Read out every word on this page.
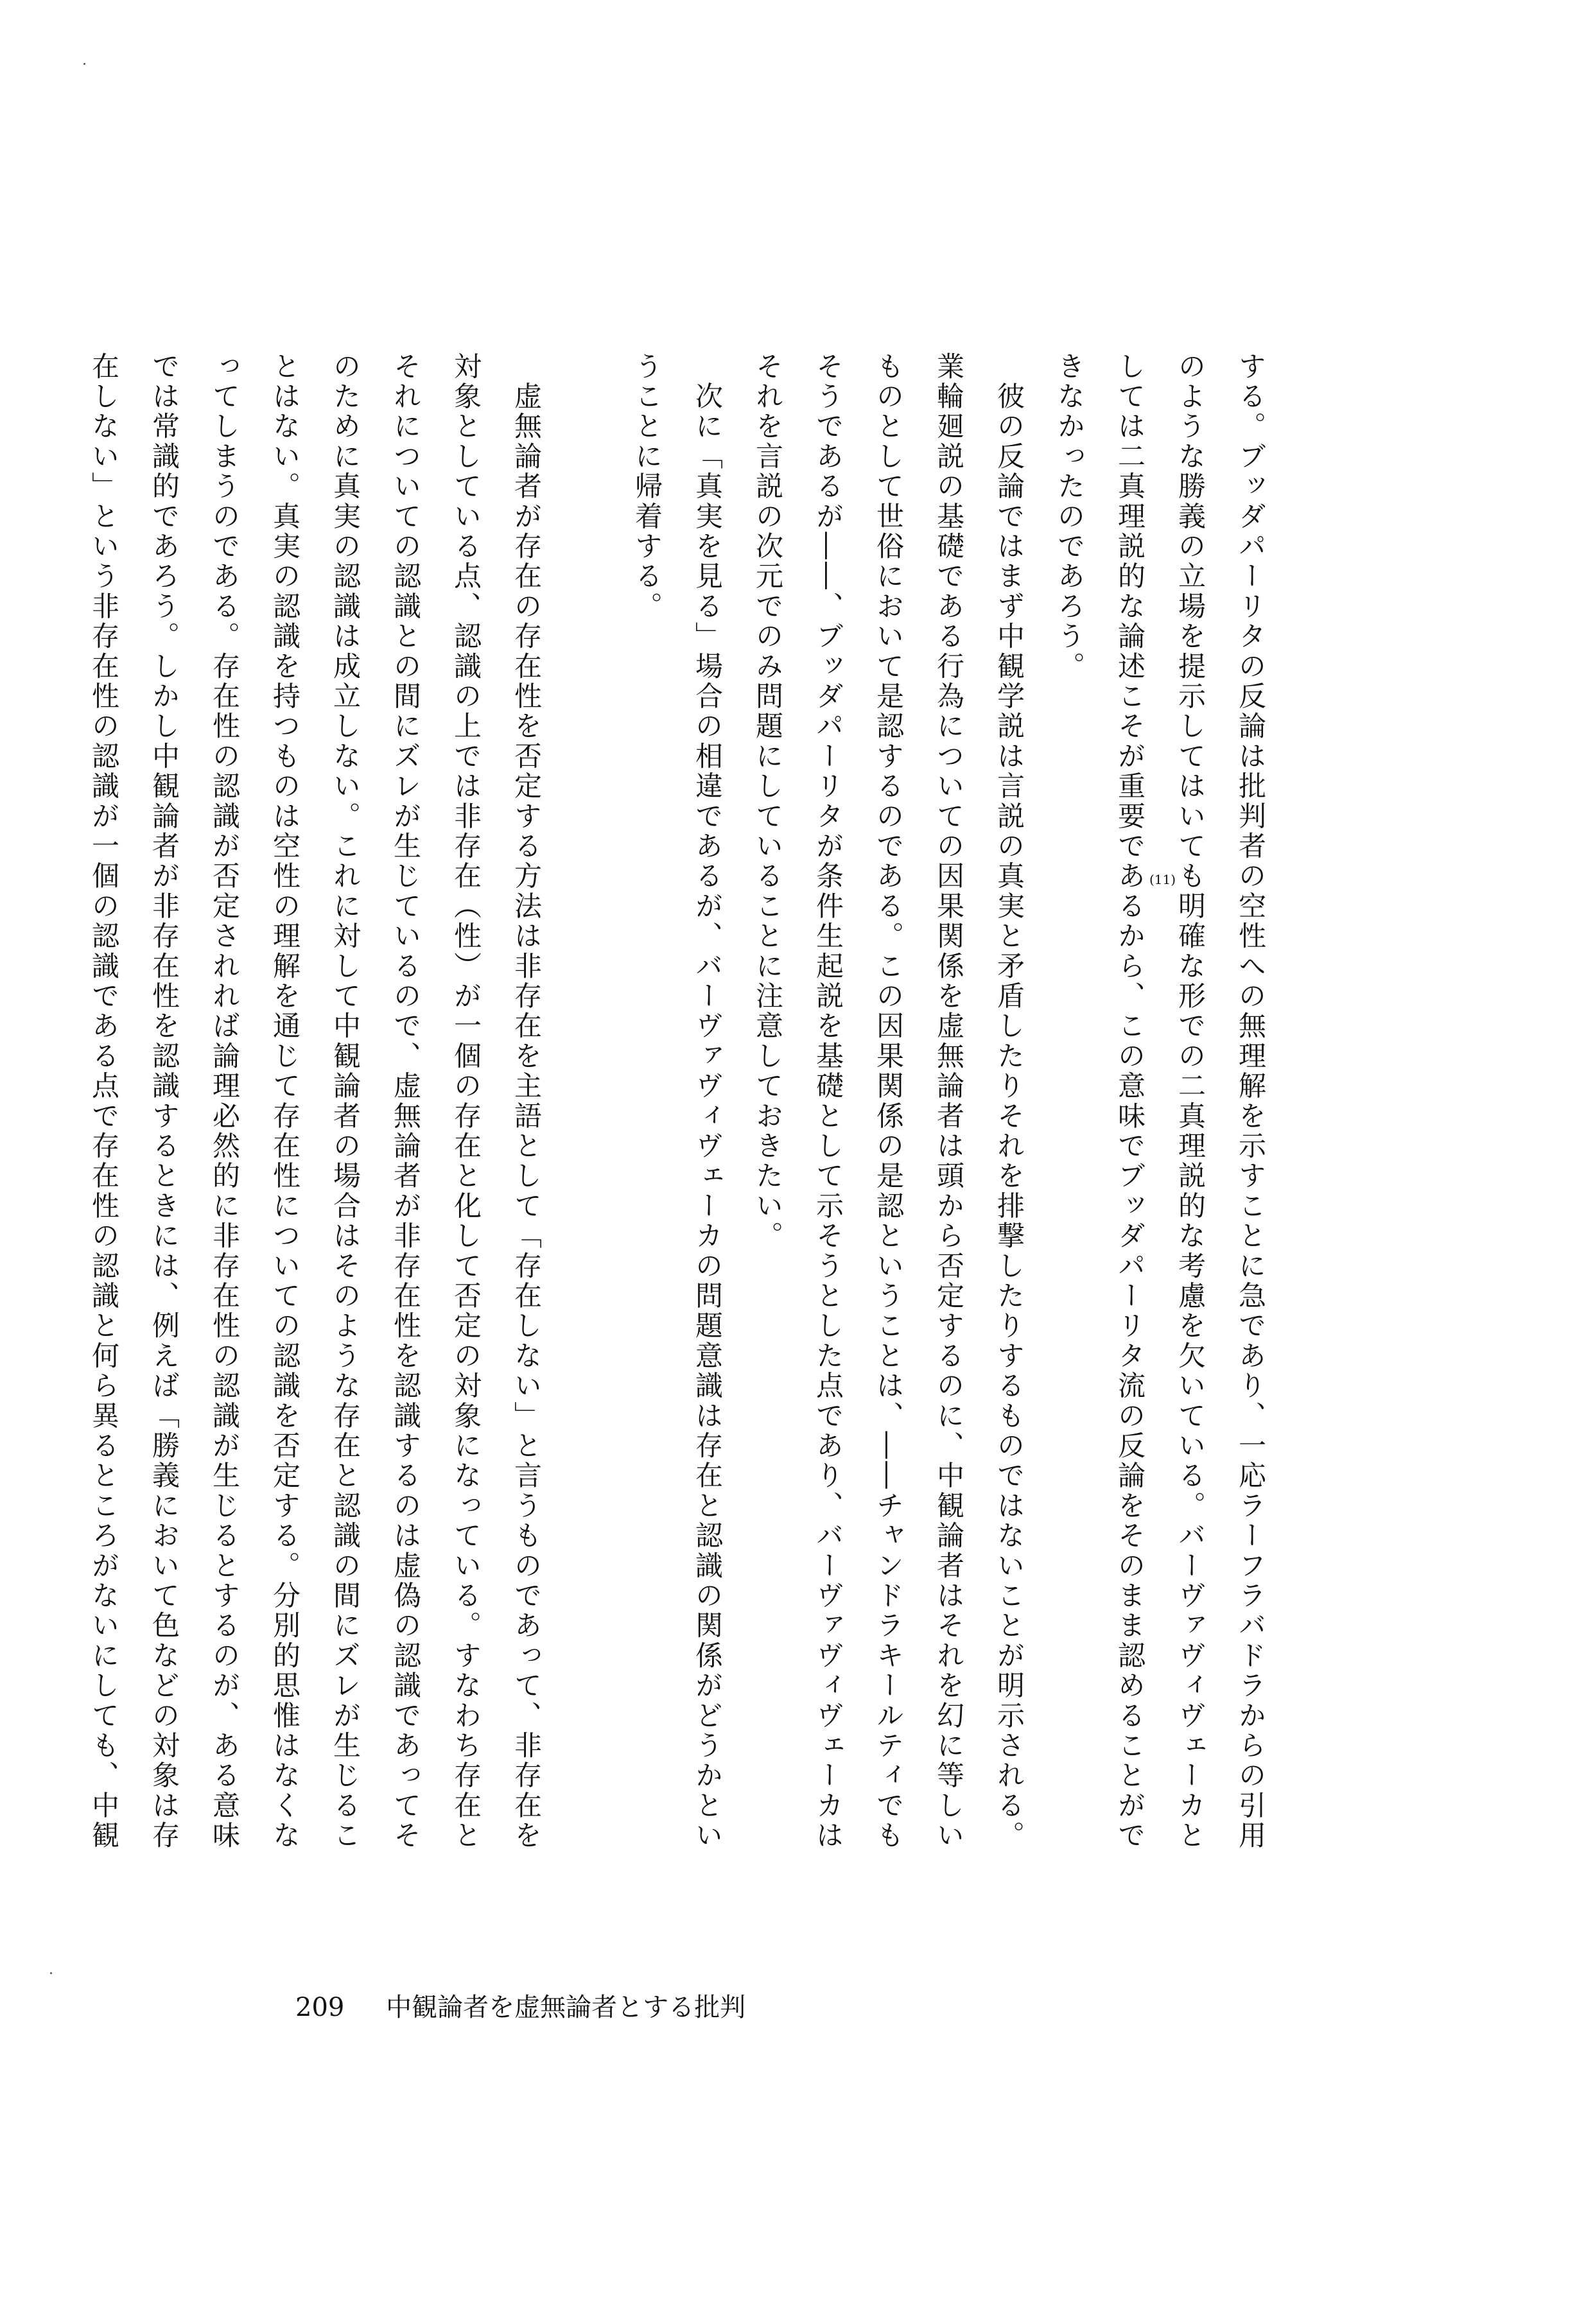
する。ブッダパーリタの反論は批判者の空性への無理解を示すことに急であり、一応ラーフラバドラからの引用
のような勝義の立場を提示してはいても明確な形での二真理説的な考慮を欠いている。バーヴァヴィヴェーカと
しては二真理説的な論述こそが重要であるから、この意味でブッダパーリタ流の反論をそのまま認めることがで
きなかったのであろう。
　彼の反論ではまず中観学説は言説の真実と矛盾したりそれを排撃したりするものではないことが明示される。
業輪廻説の基礎である行為についての因果関係を虚無論者は頭から否定するのに、中観論者はそれを幻に等しい
ものとして世俗において是認するのである。この因果関係の是認ということは、――チャンドラキールティでも
そうであるが――、ブッダパーリタが条件生起説を基礎として示そうとした点であり、バーヴァヴィヴェーカは
それを言説の次元でのみ問題にしていることに注意しておきたい。
　次に「真実を見る」場合の相違であるが、バーヴァヴィヴェーカの問題意識は存在と認識の関係がどうかとい
うことに帰着する。
　虚無論者が存在の存在性を否定する方法は非存在を主語として「存在しない」と言うものであって、非存在を
対象としている点、認識の上では非存在（性）が一個の存在と化して否定の対象になっている。すなわち存在と
それについての認識との間にズレが生じているので、虚無論者が非存在性を認識するのは虚偽の認識であってそ
のために真実の認識は成立しない。これに対して中観論者の場合はそのような存在と認識の間にズレが生じるこ
とはない。真実の認識を持つものは空性の理解を通じて存在性についての認識を否定する。分別的思惟はなくな
ってしまうのである。存在性の認識が否定されれば論理必然的に非存在性の認識が生じるとするのが、ある意味
では常識的であろう。しかし中観論者が非存在性を認識するときには、例えば「勝義において色などの対象は存
在しない」という非存在性の認識が一個の認識である点で存在性の認識と何ら異るところがないにしても、中観
209 中観論者を虚無論者とする批判
(11)
